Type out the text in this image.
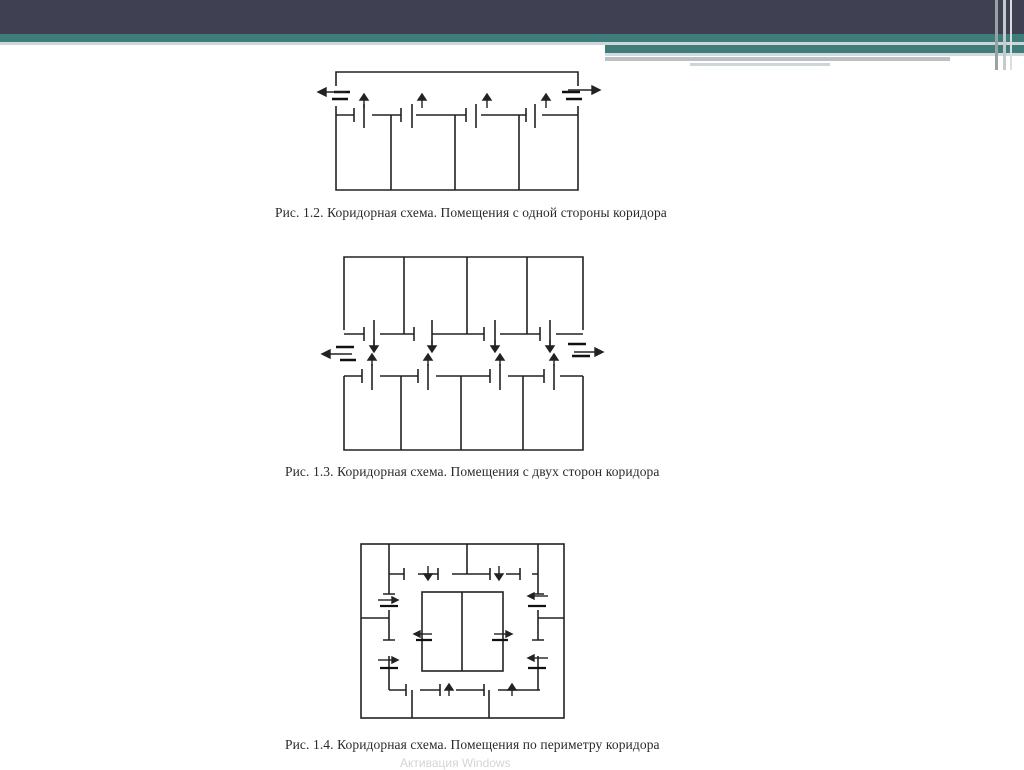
Рис. 1.2. Коридорная схема. Помещения с одной стороны коридора

Рис. 1.3. Коридорная схема. Помещения с двух сторон коридора

Рис. 1.4. Коридорная схема. Помещения по периметру коридора

Активация Windows
